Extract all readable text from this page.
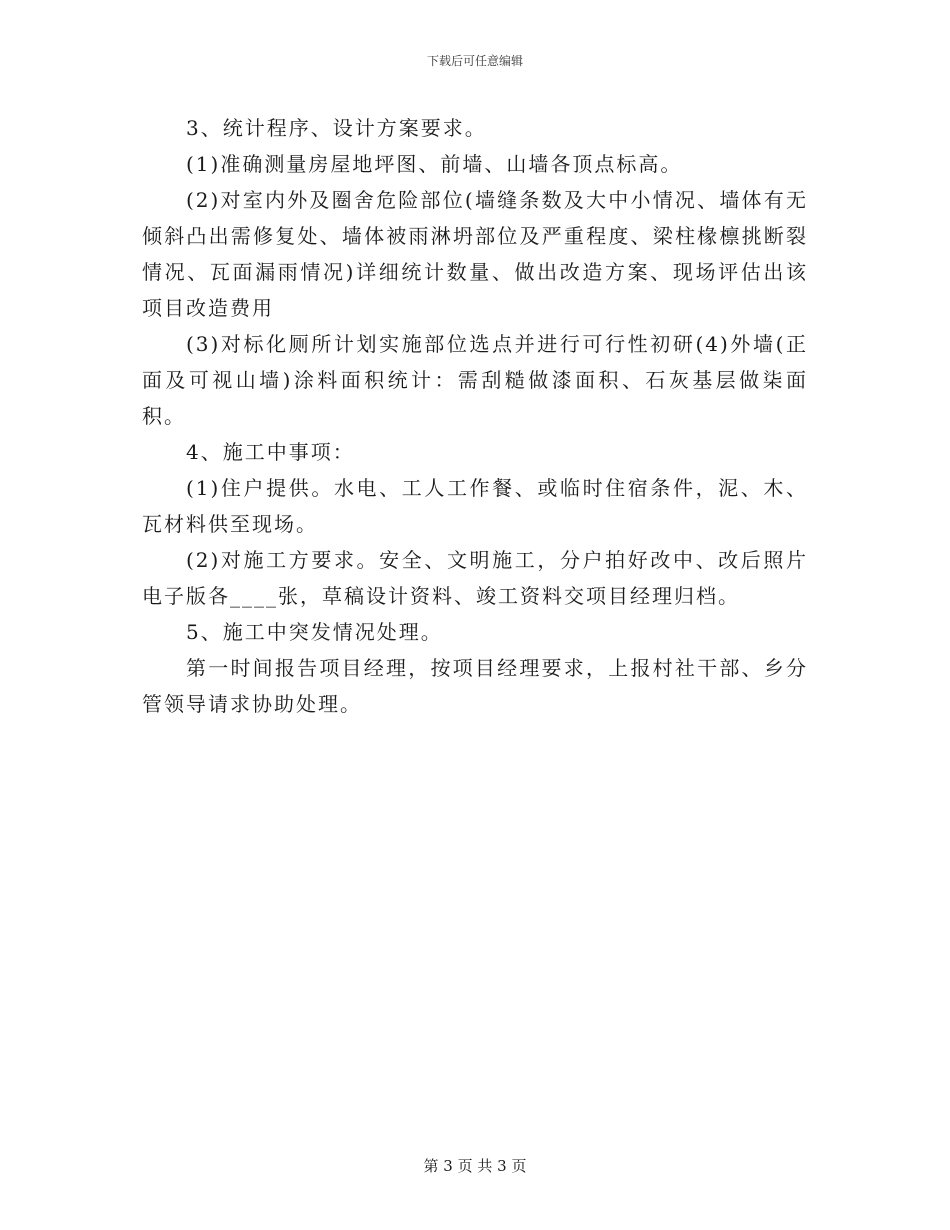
下载后可任意编辑

3、统计程序、设计方案要求。

(1)准确测量房屋地坪图、前墙、山墙各顶点标高。

(2)对室内外及圈舍危险部位(墙缝条数及大中小情况、墙体有无倾斜凸出需修复处、墙体被雨淋坍部位及严重程度、梁柱椽檩挑断裂情况、瓦面漏雨情况)详细统计数量、做出改造方案、现场评估出该项目改造费用

(3)对标化厕所计划实施部位选点并进行可行性初研(4)外墙(正面及可视山墙)涂料面积统计：需刮糙做漆面积、石灰基层做柒面积。

4、施工中事项：

(1)住户提供。水电、工人工作餐、或临时住宿条件，泥、木、瓦材料供至现场。

(2)对施工方要求。安全、文明施工，分户拍好改中、改后照片电子版各____张，草稿设计资料、竣工资料交项目经理归档。

5、施工中突发情况处理。

第一时间报告项目经理，按项目经理要求，上报村社干部、乡分管领导请求协助处理。

第 3 页 共 3 页
